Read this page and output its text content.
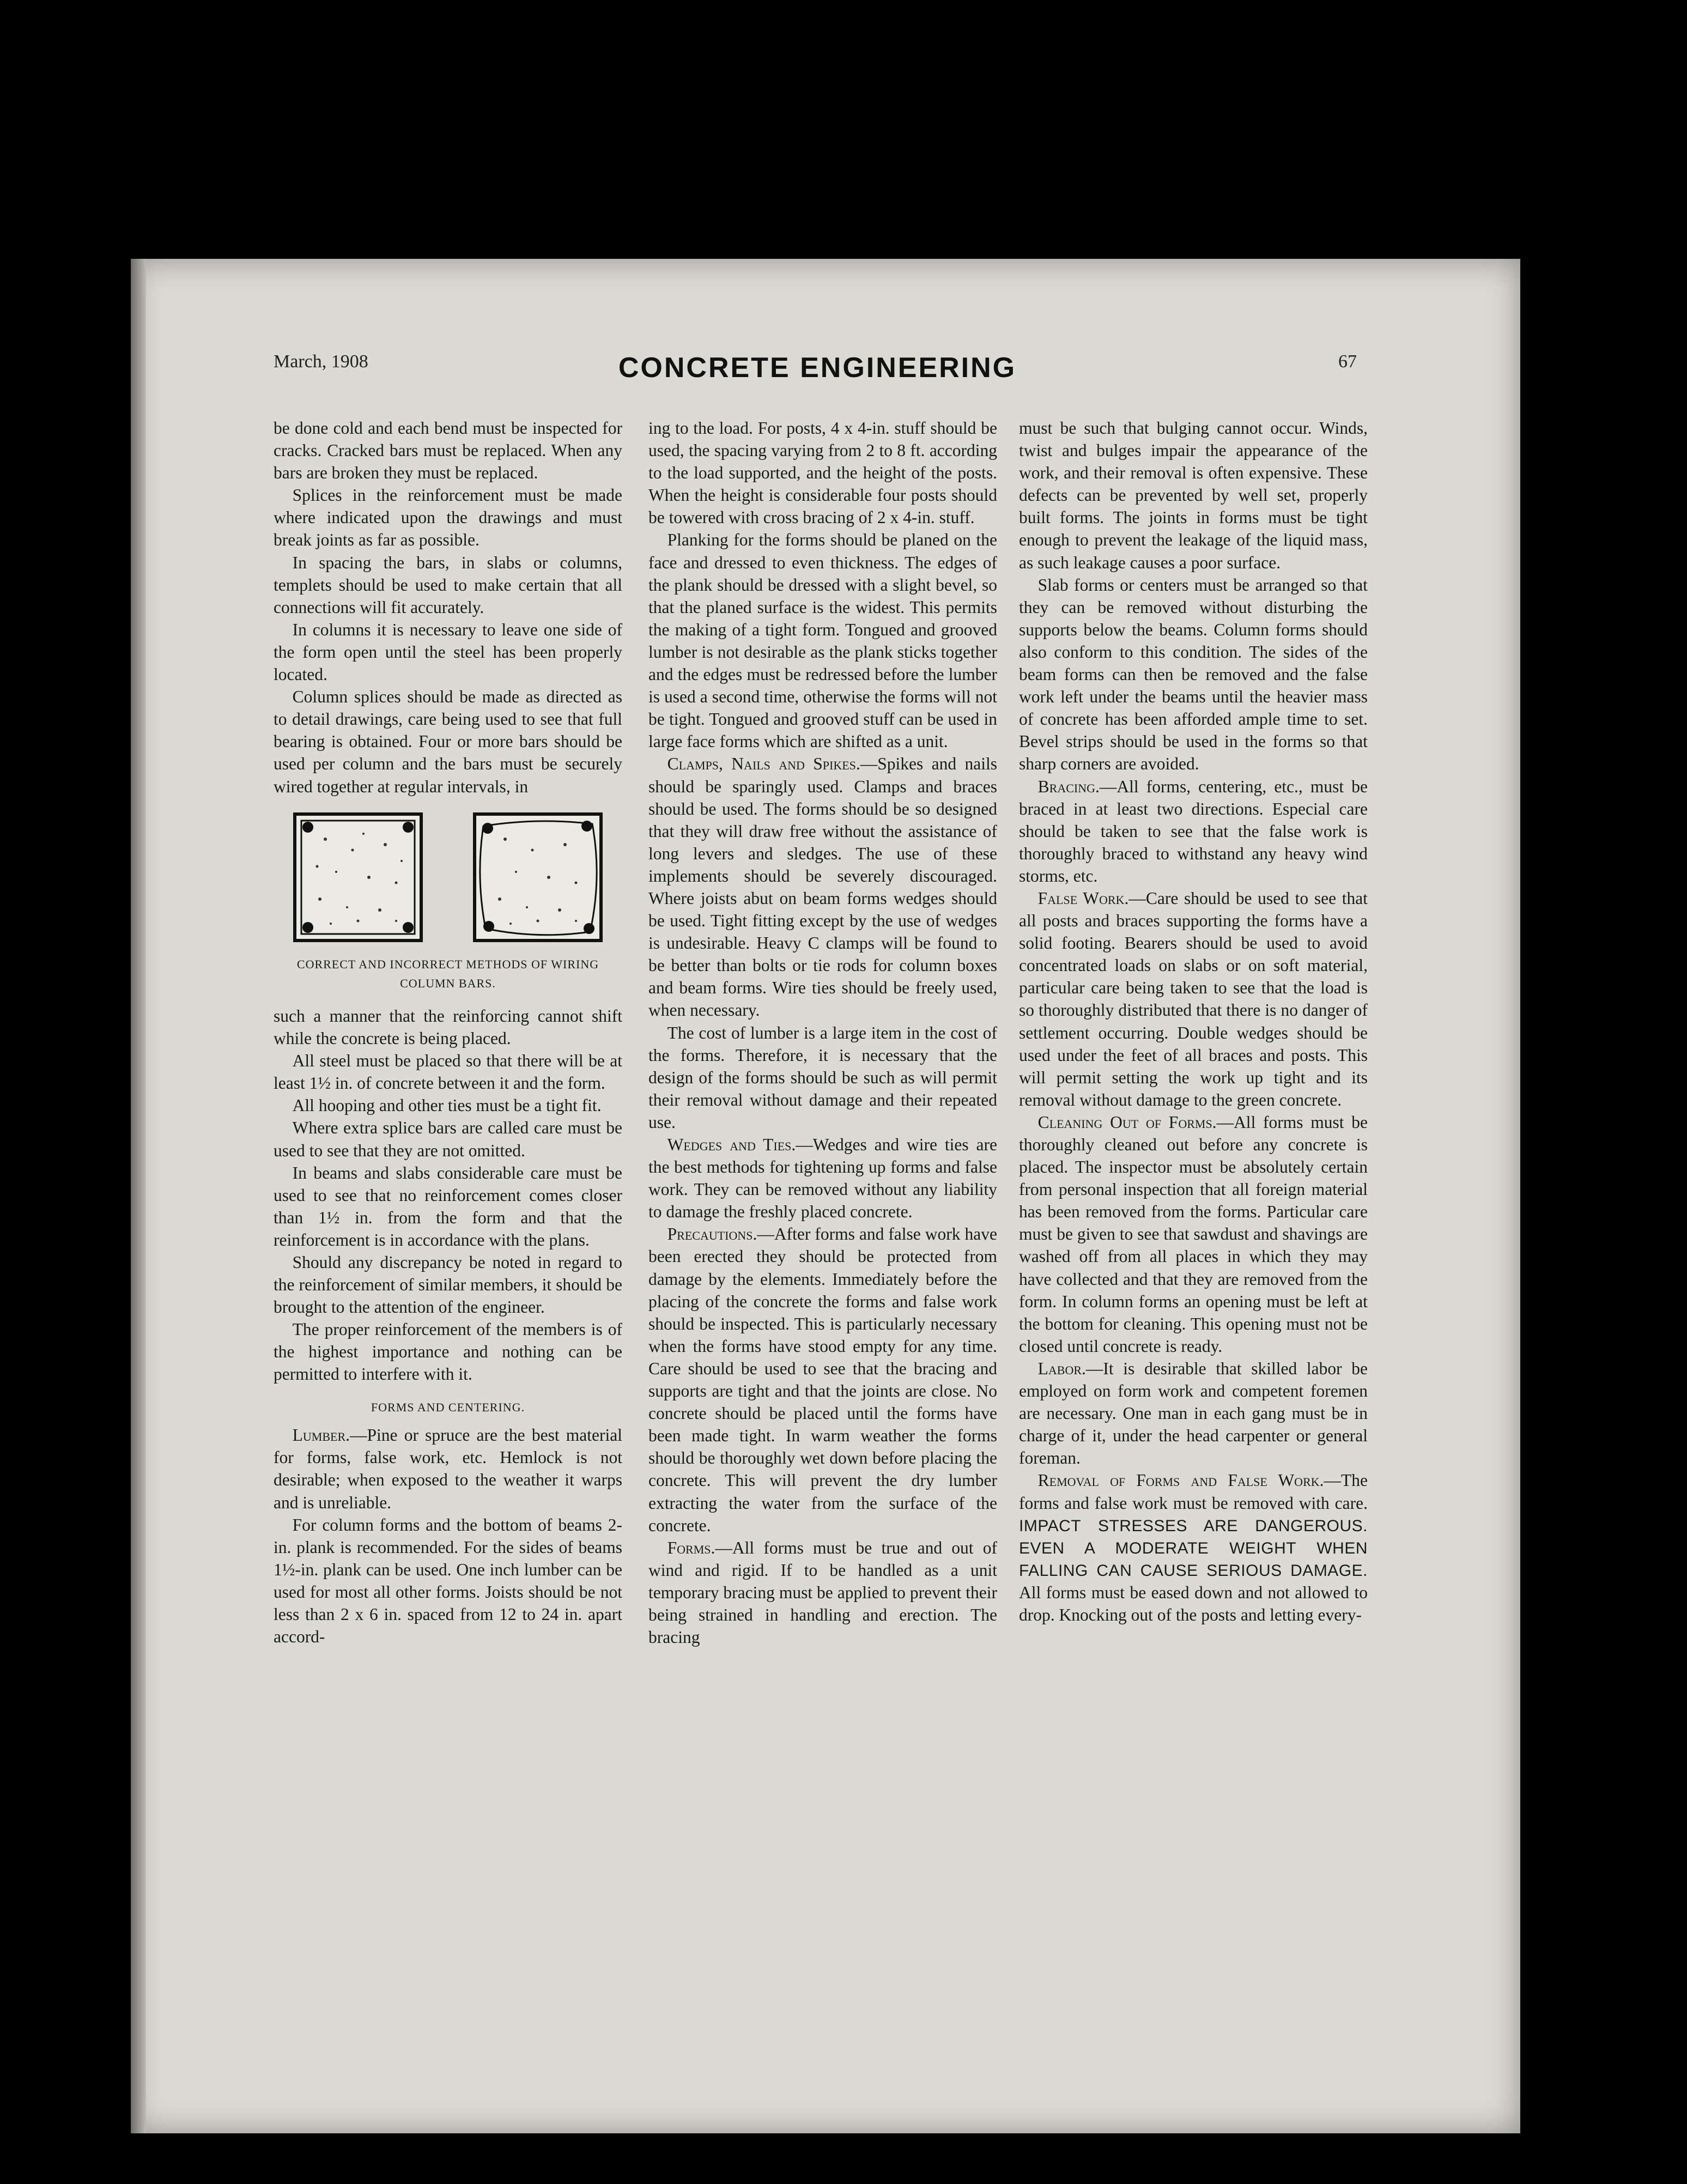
March, 1908	CONCRETE ENGINEERING	67

be done cold and each bend must be inspected for cracks. Cracked bars must be replaced. When any bars are broken they must be replaced.

Splices in the reinforcement must be made where indicated upon the drawings and must break joints as far as possible.

In spacing the bars, in slabs or columns, templets should be used to make certain that all connections will fit accurately.

In columns it is necessary to leave one side of the form open until the steel has been properly located.

Column splices should be made as directed as to detail drawings, care being used to see that full bearing is obtained. Four or more bars should be used per column and the bars must be securely wired together at regular intervals, in

CORRECT AND INCORRECT METHODS OF WIRING COLUMN BARS.

such a manner that the reinforcing cannot shift while the concrete is being placed.

All steel must be placed so that there will be at least 1½ in. of concrete between it and the form.

All hooping and other ties must be a tight fit.

Where extra splice bars are called care must be used to see that they are not omitted.

In beams and slabs considerable care must be used to see that no reinforcement comes closer than 1½ in. from the form and that the reinforcement is in accordance with the plans.

Should any discrepancy be noted in regard to the reinforcement of similar members, it should be brought to the attention of the engineer.

The proper reinforcement of the members is of the highest importance and nothing can be permitted to interfere with it.

FORMS AND CENTERING.

Lumber.—Pine or spruce are the best material for forms, false work, etc. Hemlock is not desirable; when exposed to the weather it warps and is unreliable.

For column forms and the bottom of beams 2-in. plank is recommended. For the sides of beams 1½-in. plank can be used. One inch lumber can be used for most all other forms. Joists should be not less than 2 x 6 in. spaced from 12 to 24 in. apart accord-

ing to the load. For posts, 4 x 4-in. stuff should be used, the spacing varying from 2 to 8 ft. according to the load supported, and the height of the posts. When the height is considerable four posts should be towered with cross bracing of 2 x 4-in. stuff.

Planking for the forms should be planed on the face and dressed to even thickness. The edges of the plank should be dressed with a slight bevel, so that the planed surface is the widest. This permits the making of a tight form. Tongued and grooved lumber is not desirable as the plank sticks together and the edges must be redressed before the lumber is used a second time, otherwise the forms will not be tight. Tongued and grooved stuff can be used in large face forms which are shifted as a unit.

Clamps, Nails and Spikes.—Spikes and nails should be sparingly used. Clamps and braces should be used. The forms should be so designed that they will draw free without the assistance of long levers and sledges. The use of these implements should be severely discouraged. Where joists abut on beam forms wedges should be used. Tight fitting except by the use of wedges is undesirable. Heavy C clamps will be found to be better than bolts or tie rods for column boxes and beam forms. Wire ties should be freely used, when necessary.

The cost of lumber is a large item in the cost of the forms. Therefore, it is necessary that the design of the forms should be such as will permit their removal without damage and their repeated use.

Wedges and Ties.—Wedges and wire ties are the best methods for tightening up forms and false work. They can be removed without any liability to damage the freshly placed concrete.

Precautions.—After forms and false work have been erected they should be protected from damage by the elements. Immediately before the placing of the concrete the forms and false work should be inspected. This is particularly necessary when the forms have stood empty for any time. Care should be used to see that the bracing and supports are tight and that the joints are close. No concrete should be placed until the forms have been made tight. In warm weather the forms should be thoroughly wet down before placing the concrete. This will prevent the dry lumber extracting the water from the surface of the concrete.

Forms.—All forms must be true and out of wind and rigid. If to be handled as a unit temporary bracing must be applied to prevent their being strained in handling and erection. The bracing

must be such that bulging cannot occur. Winds, twist and bulges impair the appearance of the work, and their removal is often expensive. These defects can be prevented by well set, properly built forms. The joints in forms must be tight enough to prevent the leakage of the liquid mass, as such leakage causes a poor surface.

Slab forms or centers must be arranged so that they can be removed without disturbing the supports below the beams. Column forms should also conform to this condition. The sides of the beam forms can then be removed and the false work left under the beams until the heavier mass of concrete has been afforded ample time to set. Bevel strips should be used in the forms so that sharp corners are avoided.

Bracing.—All forms, centering, etc., must be braced in at least two directions. Especial care should be taken to see that the false work is thoroughly braced to withstand any heavy wind storms, etc.

False Work.—Care should be used to see that all posts and braces supporting the forms have a solid footing. Bearers should be used to avoid concentrated loads on slabs or on soft material, particular care being taken to see that the load is so thoroughly distributed that there is no danger of settlement occurring. Double wedges should be used under the feet of all braces and posts. This will permit setting the work up tight and its removal without damage to the green concrete.

Cleaning Out of Forms.—All forms must be thoroughly cleaned out before any concrete is placed. The inspector must be absolutely certain from personal inspection that all foreign material has been removed from the forms. Particular care must be given to see that sawdust and shavings are washed off from all places in which they may have collected and that they are removed from the form. In column forms an opening must be left at the bottom for cleaning. This opening must not be closed until concrete is ready.

Labor.—It is desirable that skilled labor be employed on form work and competent foremen are necessary. One man in each gang must be in charge of it, under the head carpenter or general foreman.

Removal of Forms and False Work.—The forms and false work must be removed with care. IMPACT STRESSES ARE DANGEROUS. EVEN A MODERATE WEIGHT WHEN FALLING CAN CAUSE SERIOUS DAMAGE. All forms must be eased down and not allowed to drop. Knocking out of the posts and letting every-
